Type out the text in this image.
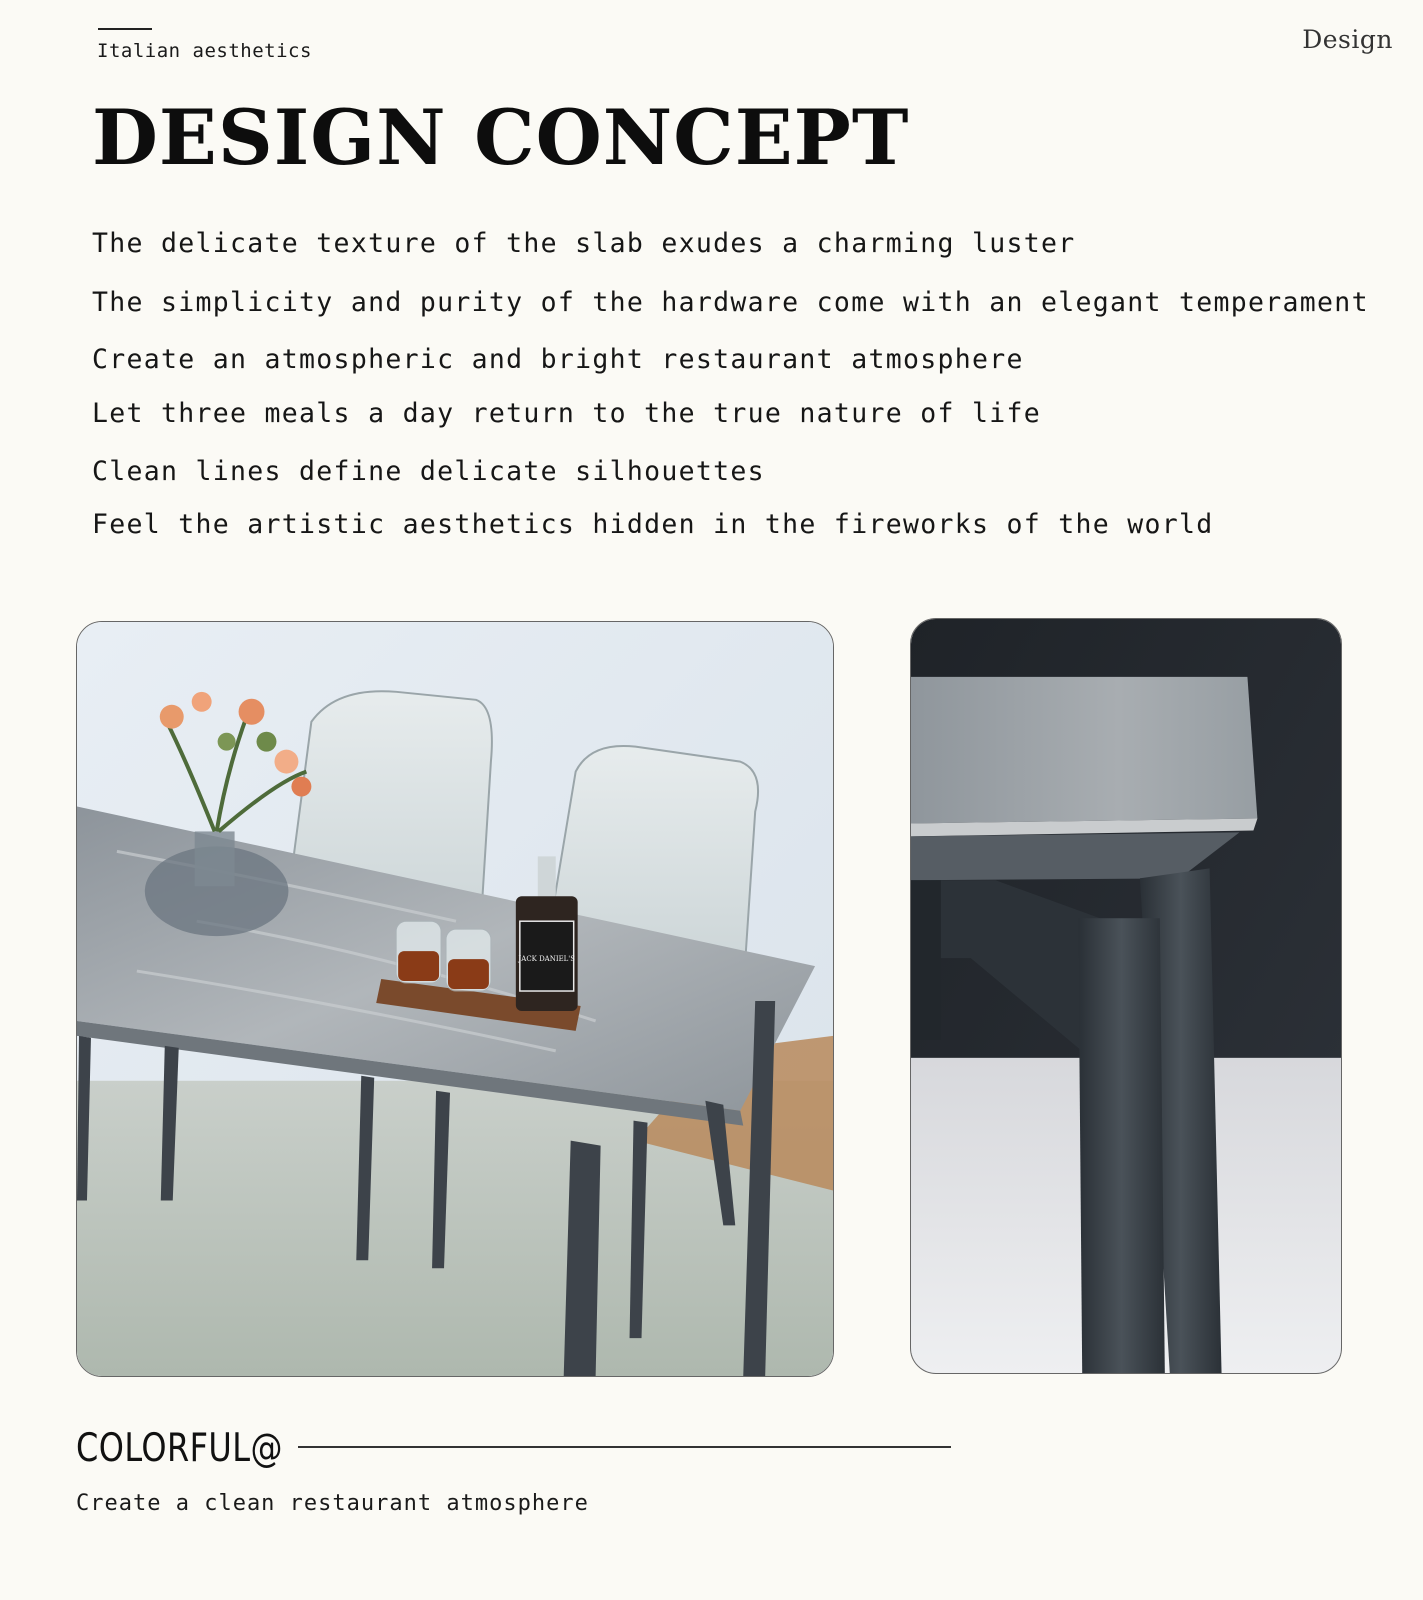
Italian aesthetics	Design
DESIGN CONCEPT
The delicate texture of the slab exudes a charming luster
The simplicity and purity of the hardware come with an elegant temperament
Create an atmospheric and bright restaurant atmosphere
Let three meals a day return to the true nature of life
Clean lines define delicate silhouettes
Feel the artistic aesthetics hidden in the fireworks of the world
JACK DANIEL'S
COLORFUL@
Create a clean restaurant atmosphere
